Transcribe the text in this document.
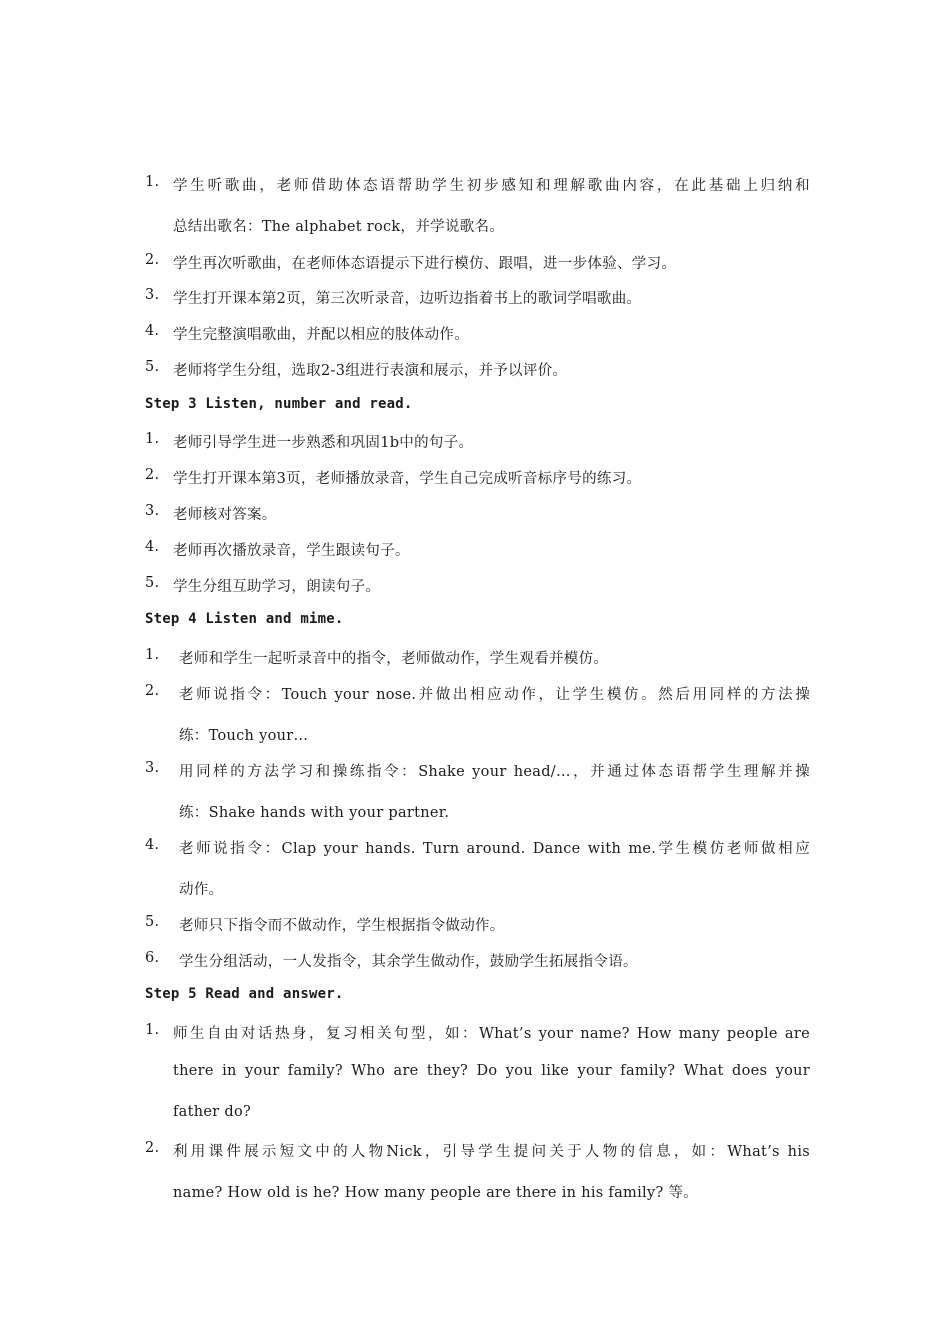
1. 学生听歌曲，老师借助体态语帮助学生初步感知和理解歌曲内容，在此基础上归纳和
总结出歌名：The alphabet rock，并学说歌名。
2. 学生再次听歌曲，在老师体态语提示下进行模仿、跟唱，进一步体验、学习。
3. 学生打开课本第2页，第三次听录音，边听边指着书上的歌词学唱歌曲。
4. 学生完整演唱歌曲，并配以相应的肢体动作。
5. 老师将学生分组，选取2-3组进行表演和展示，并予以评价。
Step 3 Listen, number and read.
1. 老师引导学生进一步熟悉和巩固1b中的句子。
2. 学生打开课本第3页，老师播放录音，学生自己完成听音标序号的练习。
3. 老师核对答案。
4. 老师再次播放录音，学生跟读句子。
5. 学生分组互助学习，朗读句子。
Step 4 Listen and mime.
1. 老师和学生一起听录音中的指令，老师做动作，学生观看并模仿。
2. 老师说指令：Touch your nose.并做出相应动作，让学生模仿。然后用同样的方法操
练：Touch your…
3. 用同样的方法学习和操练指令：Shake your head/…，并通过体态语帮学生理解并操
练：Shake hands with your partner.
4. 老师说指令：Clap your hands. Turn around. Dance with me.学生模仿老师做相应
动作。
5. 老师只下指令而不做动作，学生根据指令做动作。
6. 学生分组活动，一人发指令，其余学生做动作，鼓励学生拓展指令语。
Step 5 Read and answer.
1. 师生自由对话热身，复习相关句型，如：What’s your name? How many people are
there in your family? Who are they? Do you like your family? What does your
father do?
2. 利用课件展示短文中的人物Nick，引导学生提问关于人物的信息，如：What’s his
name? How old is he? How many people are there in his family? 等。
